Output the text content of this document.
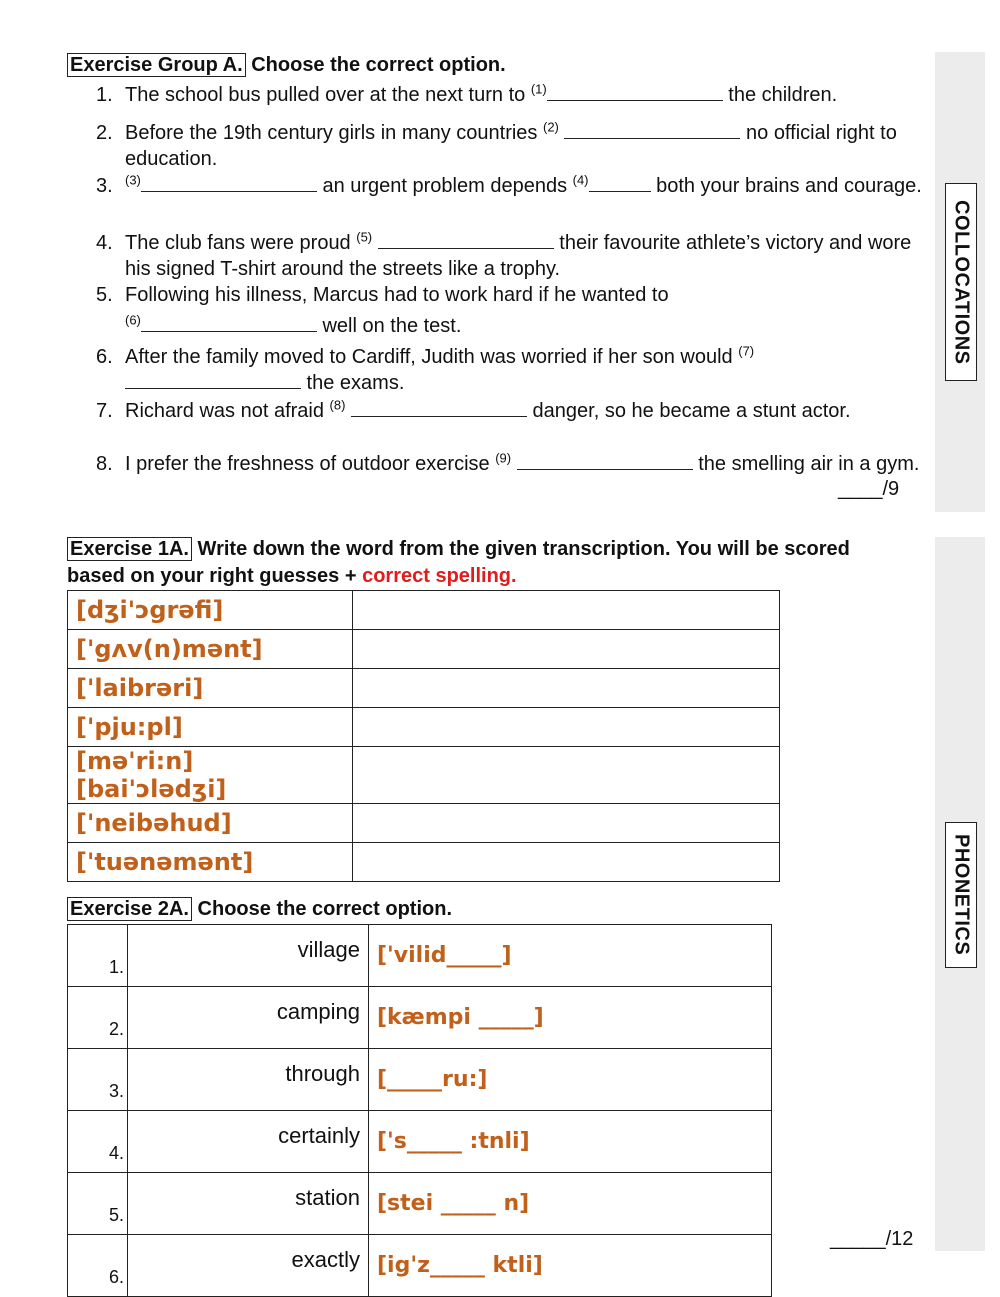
COLLOCATIONS
PHONETICS
Exercise Group A. Choose the correct option.
1. The school bus pulled over at the next turn to $^{(1)}$	the children.
2. Before the 19th century girls in many countries $^{(2)}$	no official right to education.
3. $^{(3)}$	an urgent problem depends $^{(4)}$	both your brains and courage.
4. The club fans were proud $^{(5)}$	their favourite athlete’s victory and wore his signed T-shirt around the streets like a trophy.
5. Following his illness, Marcus had to work hard if he wanted to
$^{(6)}$	well on the test.
6. After the family moved to Cardiff, Judith was worried if her son would $^{(7)}$
the exams.
7. Richard was not afraid $^{(8)}$	danger, so he became a stunt actor.
8. I prefer the freshness of outdoor exercise $^{(9)}$	the smelling air in a gym.
____/9
Exercise 1A. Write down the word from the given transcription. You will be scored based on your right guesses + correct spelling.
[dʒi'ɔgrəfi]	
['gʌv(n)mənt]	
['laibrəri]	
['pju:pl]	
[mə'ri:n] [bai'ɔlədʒi]	
['neibəhud]	
['tuənəmənt]	
Exercise 2A. Choose the correct option.
1.	village	['vilid_____]
2.	camping	[kæmpi _____]
3.	through	[_____ru:]
4.	certainly	['s_____ :tnli]
5.	station	[stei _____ n]
6.	exactly	[ig'z_____ ktli]
_____/12
